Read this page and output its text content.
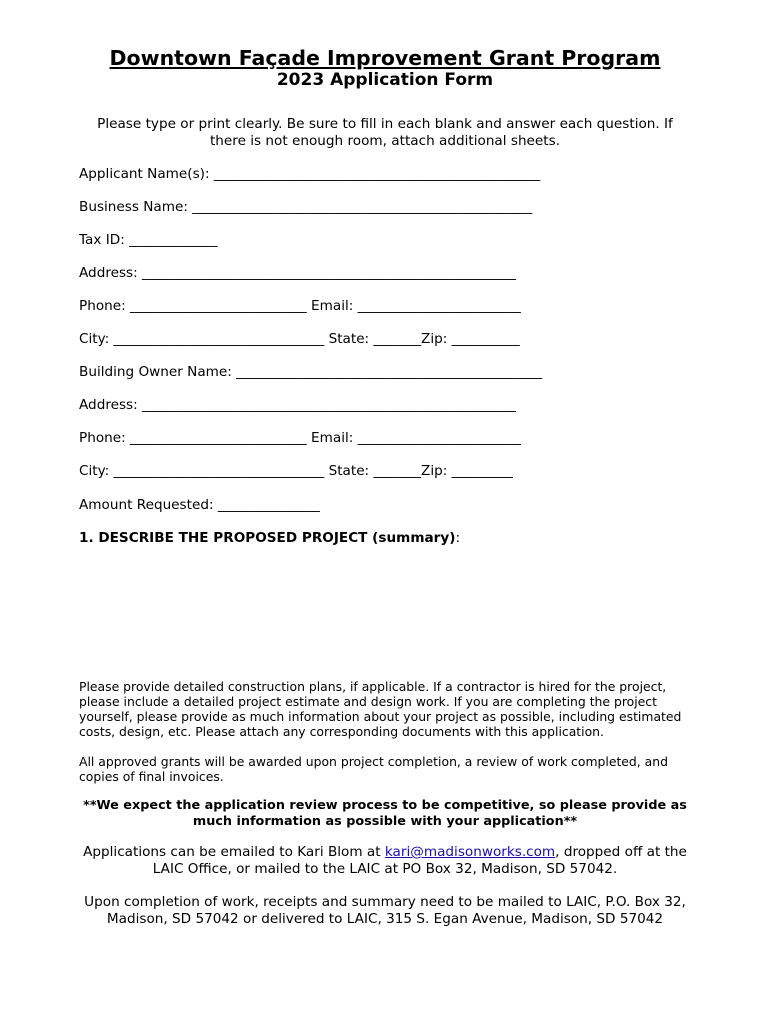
Downtown Façade Improvement Grant Program
2023 Application Form

Please type or print clearly. Be sure to fill in each blank and answer each question. If there is not enough room, attach additional sheets.

Applicant Name(s): ________________________________________________

Business Name: __________________________________________________

Tax ID: _____________

Address: _______________________________________________________

Phone: __________________________ Email: ________________________

City: _______________________________ State: _______Zip: __________

Building Owner Name: _____________________________________________

Address: _______________________________________________________

Phone: __________________________ Email: ________________________

City: _______________________________ State: _______Zip: _________

Amount Requested: _______________

1. DESCRIBE THE PROPOSED PROJECT (summary):

Please provide detailed construction plans, if applicable. If a contractor is hired for the project, please include a detailed project estimate and design work. If you are completing the project yourself, please provide as much information about your project as possible, including estimated costs, design, etc. Please attach any corresponding documents with this application.

All approved grants will be awarded upon project completion, a review of work completed, and copies of final invoices.

**We expect the application review process to be competitive, so please provide as much information as possible with your application**

Applications can be emailed to Kari Blom at kari@madisonworks.com, dropped off at the LAIC Office, or mailed to the LAIC at PO Box 32, Madison, SD 57042.

Upon completion of work, receipts and summary need to be mailed to LAIC, P.O. Box 32, Madison, SD 57042 or delivered to LAIC, 315 S. Egan Avenue, Madison, SD 57042
